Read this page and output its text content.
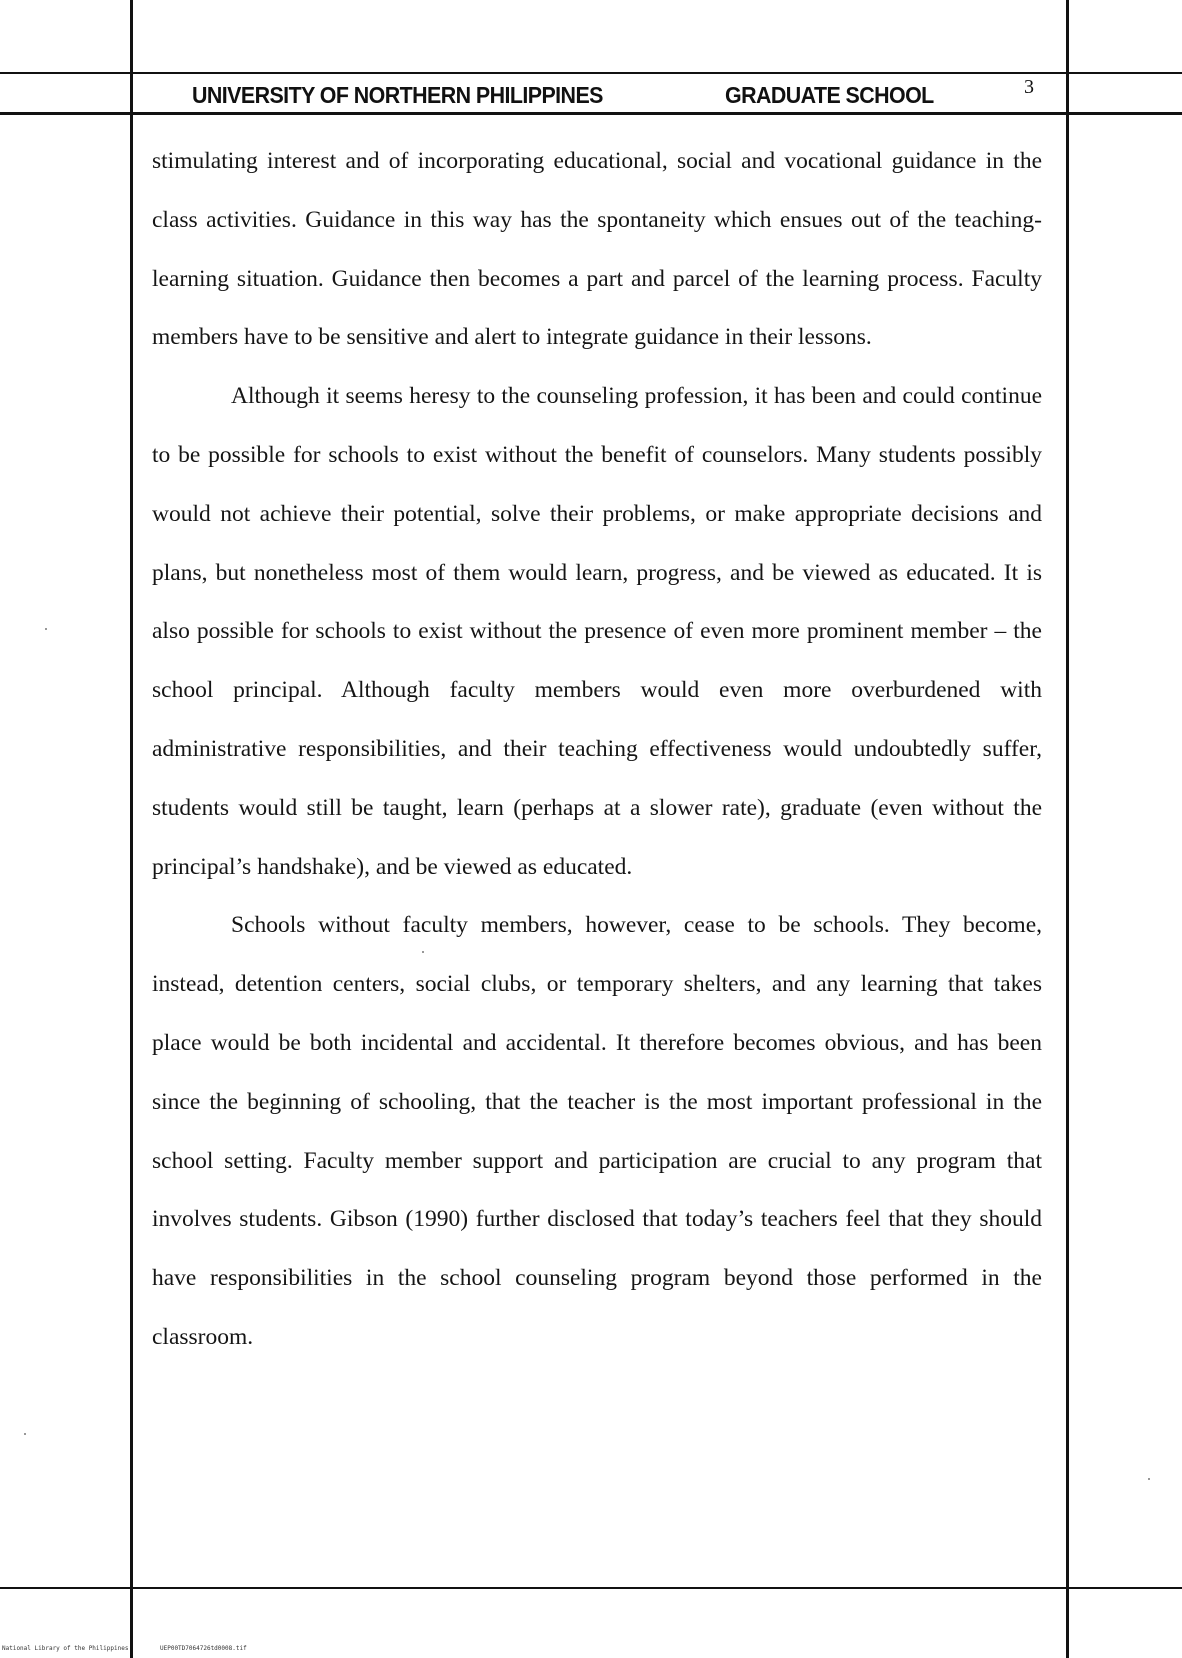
UNIVERSITY OF NORTHERN PHILIPPINES	GRADUATE SCHOOL	3

stimulating interest and of incorporating educational, social and vocational guidance in the class activities. Guidance in this way has the spontaneity which ensues out of the teaching-learning situation. Guidance then becomes a part and parcel of the learning process. Faculty members have to be sensitive and alert to integrate guidance in their lessons.

Although it seems heresy to the counseling profession, it has been and could continue to be possible for schools to exist without the benefit of counselors. Many students possibly would not achieve their potential, solve their problems, or make appropriate decisions and plans, but nonetheless most of them would learn, progress, and be viewed as educated. It is also possible for schools to exist without the presence of even more prominent member – the school principal. Although faculty members would even more overburdened with administrative responsibilities, and their teaching effectiveness would undoubtedly suffer, students would still be taught, learn (perhaps at a slower rate), graduate (even without the principal’s handshake), and be viewed as educated.

Schools without faculty members, however, cease to be schools. They become, instead, detention centers, social clubs, or temporary shelters, and any learning that takes place would be both incidental and accidental. It therefore becomes obvious, and has been since the beginning of schooling, that the teacher is the most important professional in the school setting. Faculty member support and participation are crucial to any program that involves students. Gibson (1990) further disclosed that today’s teachers feel that they should have responsibilities in the school counseling program beyond those performed in the classroom.

National Library of the Philippines	UEP00TD7064726td0008.tif
